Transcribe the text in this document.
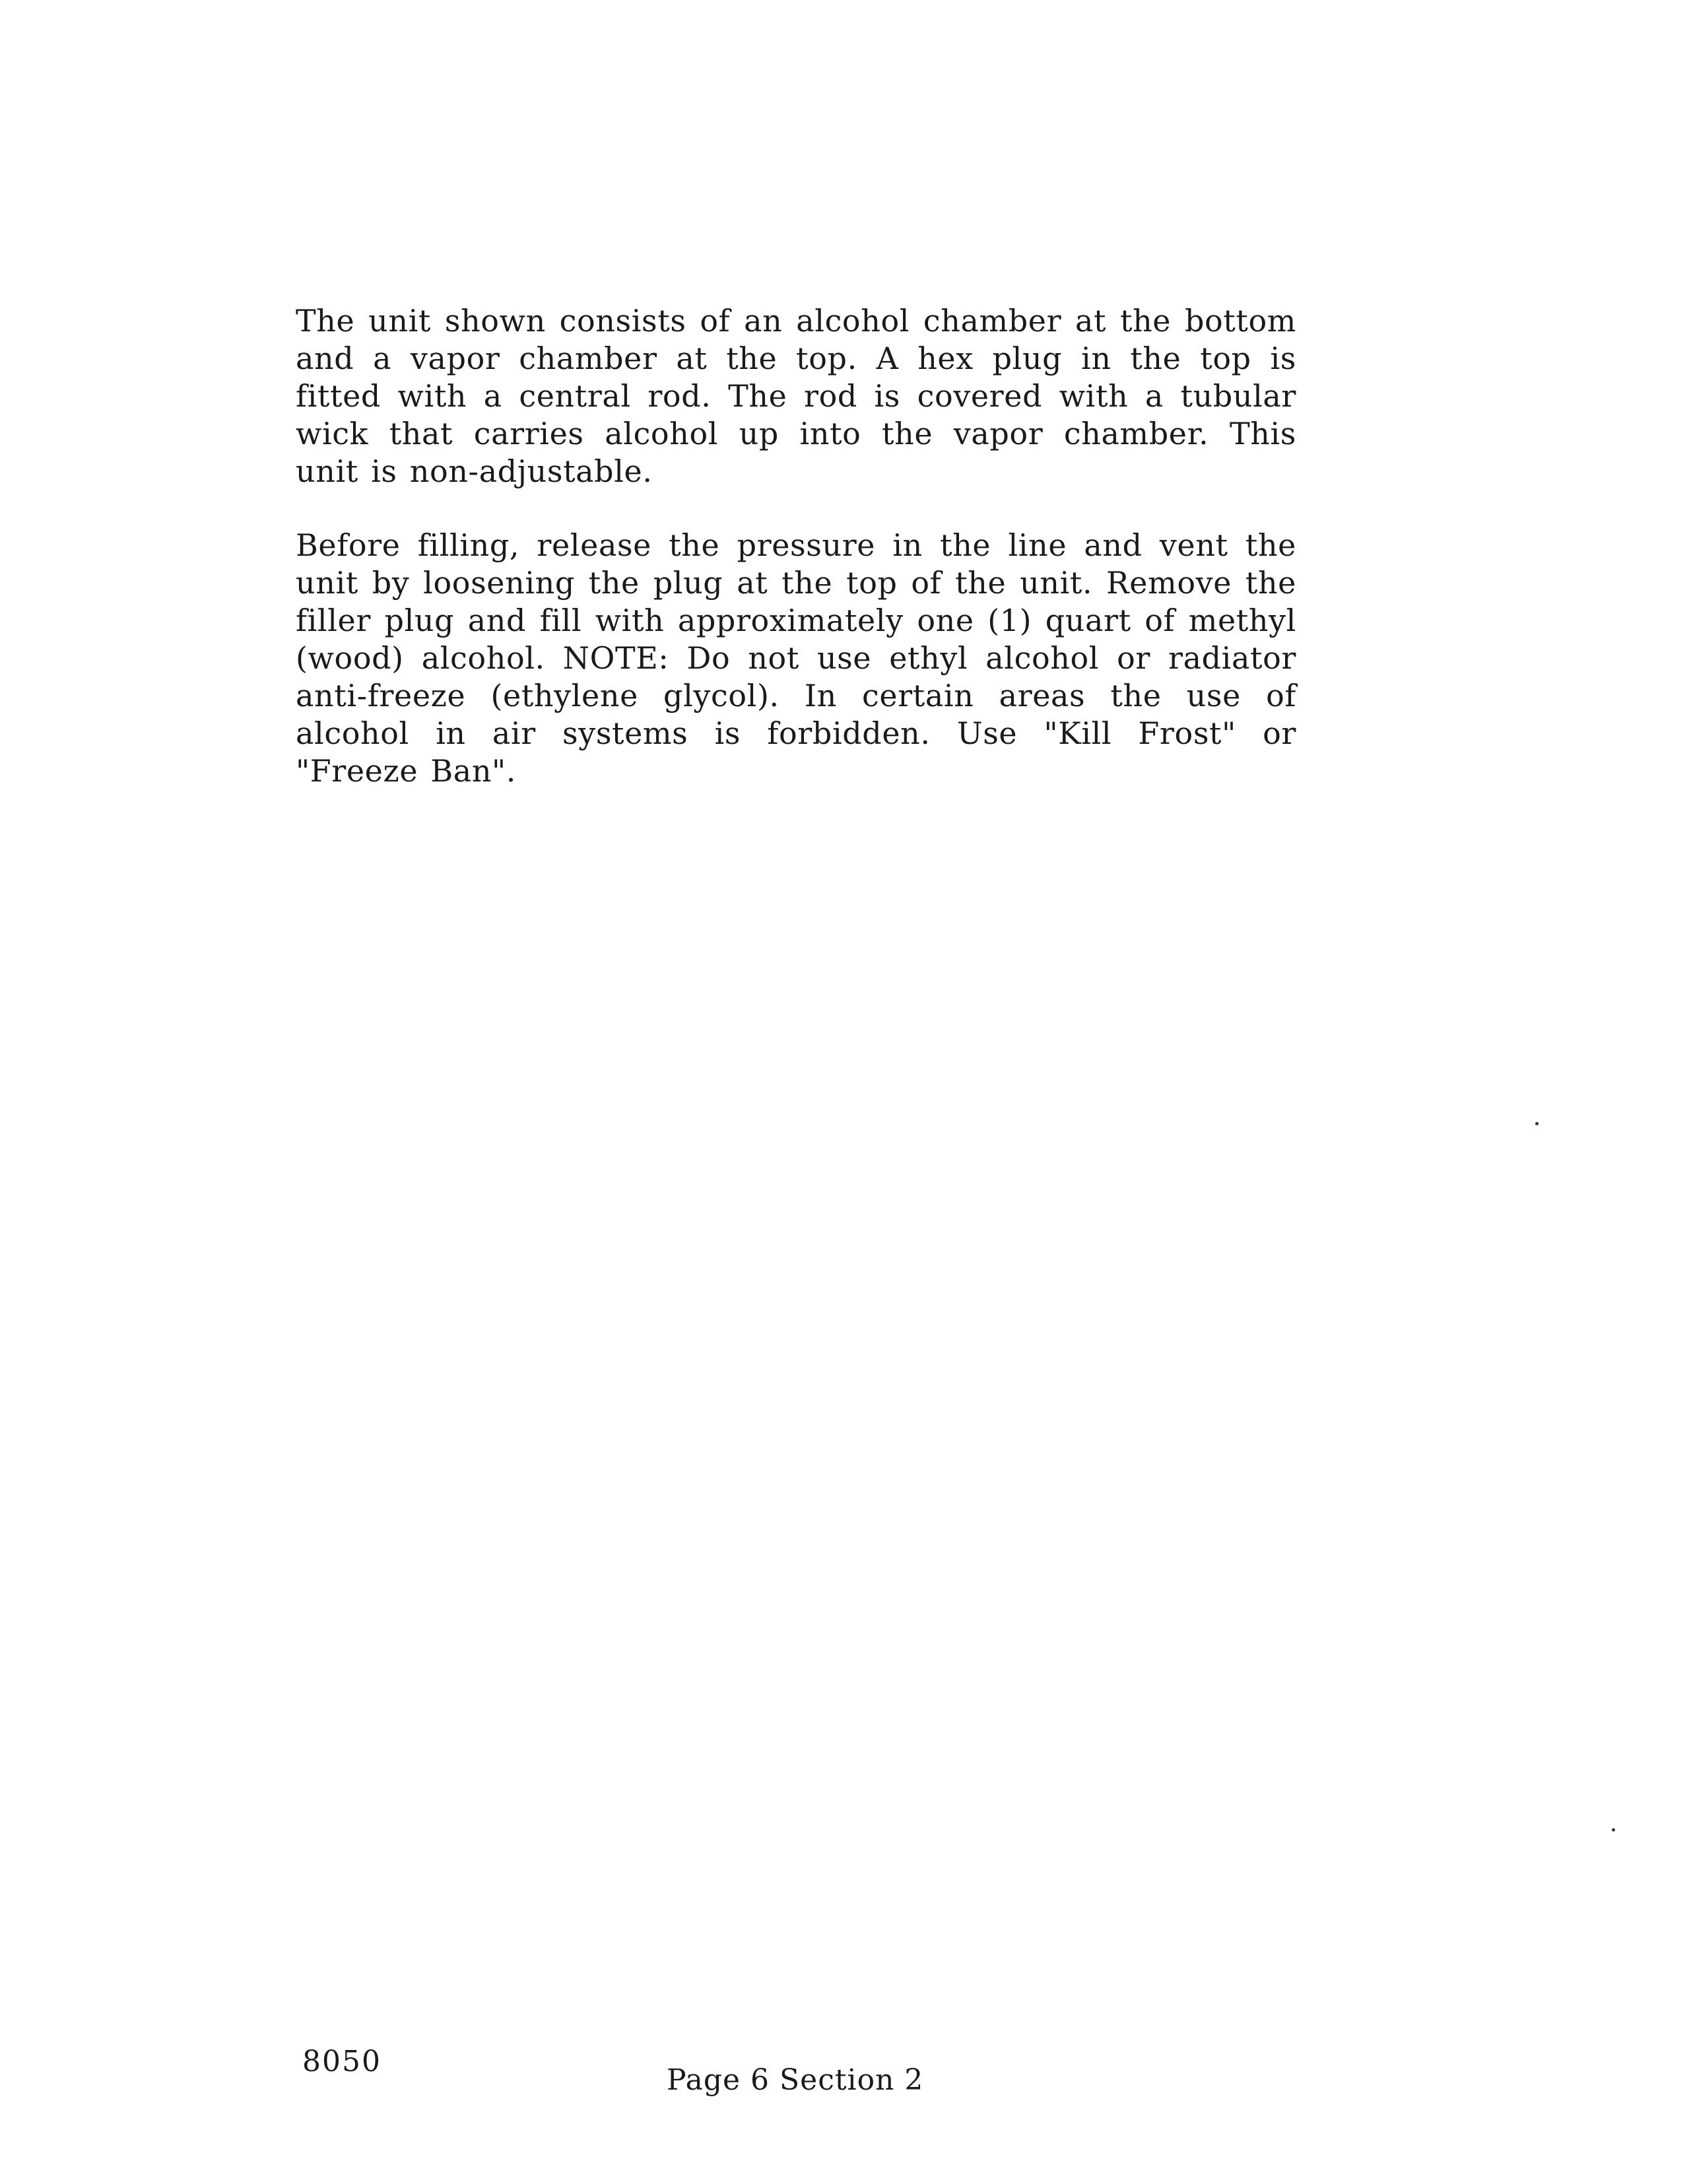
The unit shown consists of an alcohol chamber at the bottom and a vapor chamber at the top. A hex plug in the top is fitted with a central rod. The rod is covered with a tubular wick that carries alcohol up into the vapor chamber. This unit is non-adjustable.

Before filling, release the pressure in the line and vent the unit by loosening the plug at the top of the unit. Remove the filler plug and fill with approximately one (1) quart of methyl (wood) alcohol. NOTE: Do not use ethyl alcohol or radiator anti-freeze (ethylene glycol). In certain areas the use of alcohol in air systems is forbidden. Use "Kill Frost" or "Freeze Ban".

8050
Page 6 Section 2
